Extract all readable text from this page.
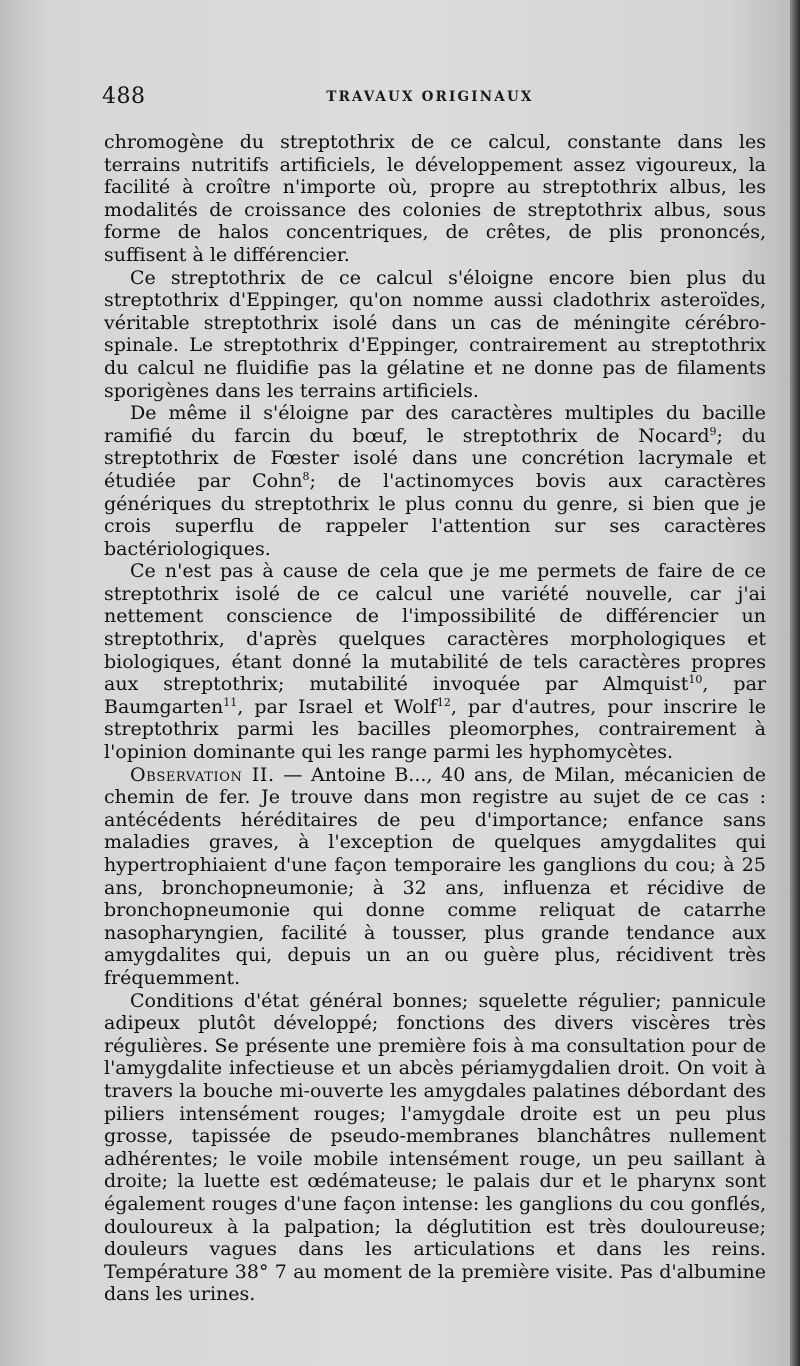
488	TRAVAUX ORIGINAUX

chromogène du streptothrix de ce calcul, constante dans les terrains nutritifs artificiels, le développement assez vigoureux, la facilité à croître n'importe où, propre au streptothrix albus, les modalités de croissance des colonies de streptothrix albus, sous forme de halos concentriques, de crêtes, de plis prononcés, suffisent à le différencier.

Ce streptothrix de ce calcul s'éloigne encore bien plus du streptothrix d'Eppinger, qu'on nomme aussi cladothrix asteroïdes, véritable streptothrix isolé dans un cas de méningite cérébro-spinale. Le streptothrix d'Eppinger, contrairement au streptothrix du calcul ne fluidifie pas la gélatine et ne donne pas de filaments sporigènes dans les terrains artificiels.

De même il s'éloigne par des caractères multiples du bacille ramifié du farcin du bœuf, le streptothrix de Nocard$^9$; du streptothrix de Fœster isolé dans une concrétion lacrymale et étudiée par Cohn$^8$; de l'actinomyces bovis aux caractères génériques du streptothrix le plus connu du genre, si bien que je crois superflu de rappeler l'attention sur ses caractères bactériologiques.

Ce n'est pas à cause de cela que je me permets de faire de ce streptothrix isolé de ce calcul une variété nouvelle, car j'ai nettement conscience de l'impossibilité de différencier un streptothrix, d'après quelques caractères morphologiques et biologiques, étant donné la mutabilité de tels caractères propres aux streptothrix; mutabilité invoquée par Almquist$^{10}$, par Baumgarten$^{11}$, par Israel et Wolf$^{12}$, par d'autres, pour inscrire le streptothrix parmi les bacilles pleomorphes, contrairement à l'opinion dominante qui les range parmi les hyphomycètes.

Observation II. — Antoine B..., 40 ans, de Milan, mécanicien de chemin de fer. Je trouve dans mon registre au sujet de ce cas : antécédents héréditaires de peu d'importance; enfance sans maladies graves, à l'exception de quelques amygdalites qui hypertrophiaient d'une façon temporaire les ganglions du cou; à 25 ans, bronchopneumonie; à 32 ans, influenza et récidive de bronchopneumonie qui donne comme reliquat de catarrhe nasopharyngien, facilité à tousser, plus grande tendance aux amygdalites qui, depuis un an ou guère plus, récidivent très fréquemment.

Conditions d'état général bonnes; squelette régulier; pannicule adipeux plutôt développé; fonctions des divers viscères très régulières. Se présente une première fois à ma consultation pour de l'amygdalite infectieuse et un abcès périamygdalien droit. On voit à travers la bouche mi-ouverte les amygdales palatines débordant des piliers intensément rouges; l'amygdale droite est un peu plus grosse, tapissée de pseudo-membranes blanchâtres nullement adhérentes; le voile mobile intensément rouge, un peu saillant à droite; la luette est œdémateuse; le palais dur et le pharynx sont également rouges d'une façon intense: les ganglions du cou gonflés, douloureux à la palpation; la déglutition est très douloureuse; douleurs vagues dans les articulations et dans les reins. Température 38° 7 au moment de la première visite. Pas d'albumine dans les urines.
